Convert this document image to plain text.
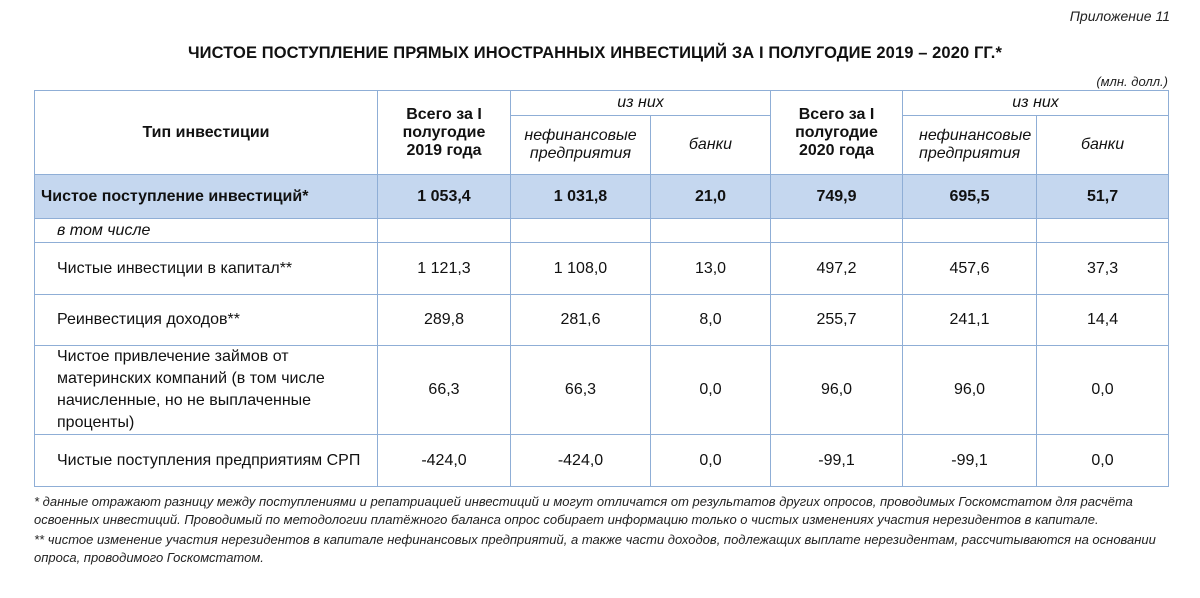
Приложение 11
ЧИСТОЕ ПОСТУПЛЕНИЕ ПРЯМЫХ ИНОСТРАННЫХ ИНВЕСТИЦИЙ ЗА I ПОЛУГОДИЕ 2019 – 2020 ГГ.*
(млн. долл.)
Тип инвестиции	Всего за I полугодие 2019 года	из них		Всего за I полугодие 2020 года	из них	
		нефинансовые предприятия	банки		нефинансовые предприятия	банки
Чистое поступление инвестиций*	1 053,4	1 031,8	21,0	749,9	695,5	51,7
в том числе						
Чистые инвестиции в капитал**	1 121,3	1 108,0	13,0	497,2	457,6	37,3
Реинвестиция доходов**	289,8	281,6	8,0	255,7	241,1	14,4
Чистое привлечение займов от материнских компаний (в том числе начисленные, но не выплаченные проценты)	66,3	66,3	0,0	96,0	96,0	0,0
Чистые поступления предприятиям СРП	-424,0	-424,0	0,0	-99,1	-99,1	0,0

* данные отражают разницу между поступлениями и репатриацией инвестиций и могут отличатся от результатов других опросов, проводимых Госкомстатом для расчёта освоенных инвестиций. Проводимый по методологии платёжного баланса опрос собирает информацию только о чистых изменениях участия нерезидентов в капитале.

** чистое изменение участия нерезидентов в капитале нефинансовых предприятий, а также части доходов, подлежащих выплате нерезидентам, рассчитываются на основании опроса, проводимого Госкомстатом.
